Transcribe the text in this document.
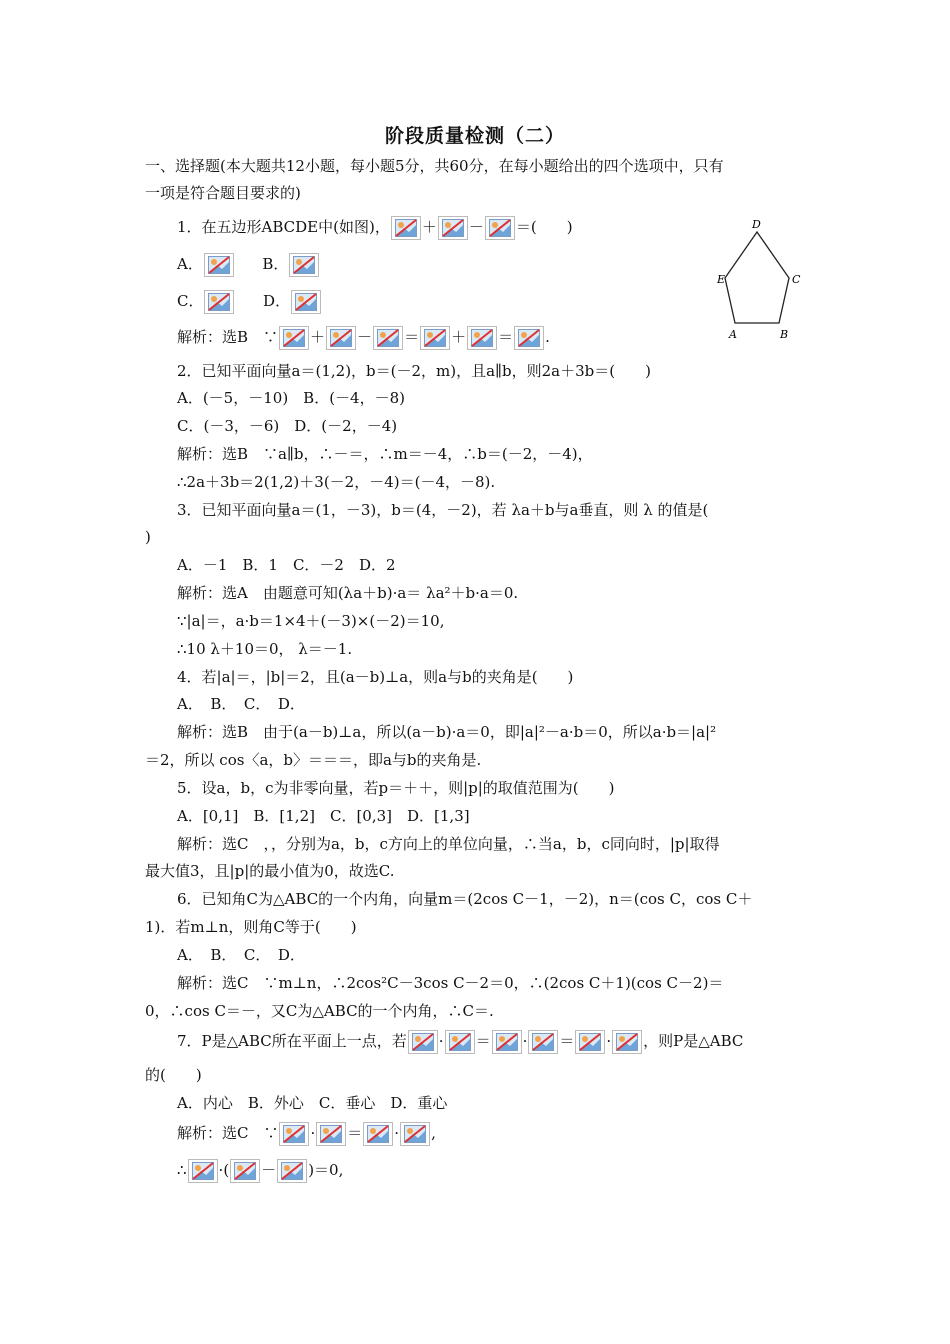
阶段质量检测（二）
一、选择题(本大题共12小题，每小题5分，共60分，在每小题给出的四个选项中，只有
一项是符合题目要求的)
1．在五边形ABCDE中(如图)， ＋ － ＝(　　)
A．	B．
C．	D．
解析：选B　∵ ＋ － ＝ ＋ ＝ .
D
E	C
A	B
2．已知平面向量a＝(1,2)，b＝(－2，m)，且a∥b，则2a＋3b＝(　　)
A．(－5，－10)　B．(－4，－8)
C．(－3，－6)　D．(－2，－4)
解析：选B　∵a∥b，∴－＝，∴m＝－4，∴b＝(－2，－4)，
∴2a＋3b＝2(1,2)＋3(－2，－4)＝(－4，－8).
3．已知平面向量a＝(1，－3)，b＝(4，－2)，若 λa＋b与a垂直，则 λ 的值是(
)
A．－1　B．1　C．－2　D．2
解析：选A　由题意可知(λa＋b)·a＝ λa²＋b·a＝0.
∵|a|＝，a·b＝1×4＋(－3)×(－2)＝10,
∴10 λ＋10＝0， λ＝－1.
4．若|a|＝，|b|＝2，且(a－b)⊥a，则a与b的夹角是(　　)
A．　B．　C．　D．
解析：选B　由于(a－b)⊥a，所以(a－b)·a＝0，即|a|²－a·b＝0，所以a·b＝|a|²
＝2，所以 cos〈a，b〉＝＝＝，即a与b的夹角是.
5．设a，b，c为非零向量，若p＝＋＋，则|p|的取值范围为(　　)
A．[0,1]　B．[1,2]　C．[0,3]　D．[1,3]
解析：选C　，，分别为a，b，c方向上的单位向量，∴当a，b，c同向时，|p|取得
最大值3，且|p|的最小值为0，故选C.
6．已知角C为△ABC的一个内角，向量m＝(2cos C－1，－2)，n＝(cos C，cos C＋
1)．若m⊥n，则角C等于(　　)
A．　B．　C．　D．
解析：选C　∵m⊥n，∴2cos²C－3cos C－2＝0，∴(2cos C＋1)(cos C－2)＝
0，∴cos C＝－，又C为△ABC的一个内角，∴C＝.
7．P是△ABC所在平面上一点，若 · ＝ · ＝ · ，则P是△ABC
的(　　)
A．内心　B．外心　C．垂心　D．重心
解析：选C　∵ · ＝ · ,
∴ ·( － )＝0,
